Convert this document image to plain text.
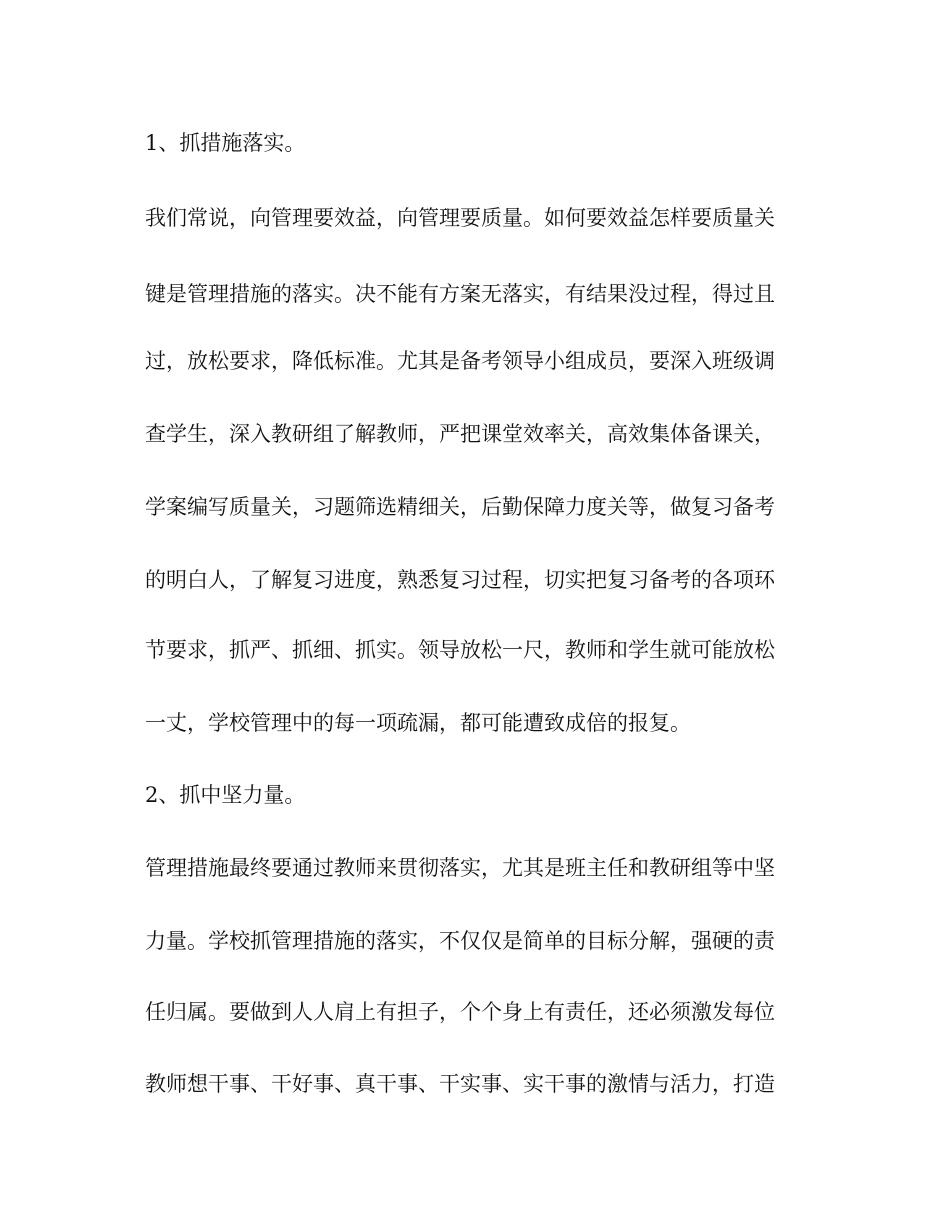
1、抓措施落实。
我们常说，向管理要效益，向管理要质量。如何要效益怎样要质量关
键是管理措施的落实。决不能有方案无落实，有结果没过程，得过且
过，放松要求，降低标准。尤其是备考领导小组成员，要深入班级调
查学生，深入教研组了解教师，严把课堂效率关，高效集体备课关，
学案编写质量关，习题筛选精细关，后勤保障力度关等，做复习备考
的明白人，了解复习进度，熟悉复习过程，切实把复习备考的各项环
节要求，抓严、抓细、抓实。领导放松一尺，教师和学生就可能放松
一丈，学校管理中的每一项疏漏，都可能遭致成倍的报复。
2、抓中坚力量。
管理措施最终要通过教师来贯彻落实，尤其是班主任和教研组等中坚
力量。学校抓管理措施的落实，不仅仅是简单的目标分解，强硬的责
任归属。要做到人人肩上有担子，个个身上有责任，还必须激发每位
教师想干事、干好事、真干事、干实事、实干事的激情与活力，打造
